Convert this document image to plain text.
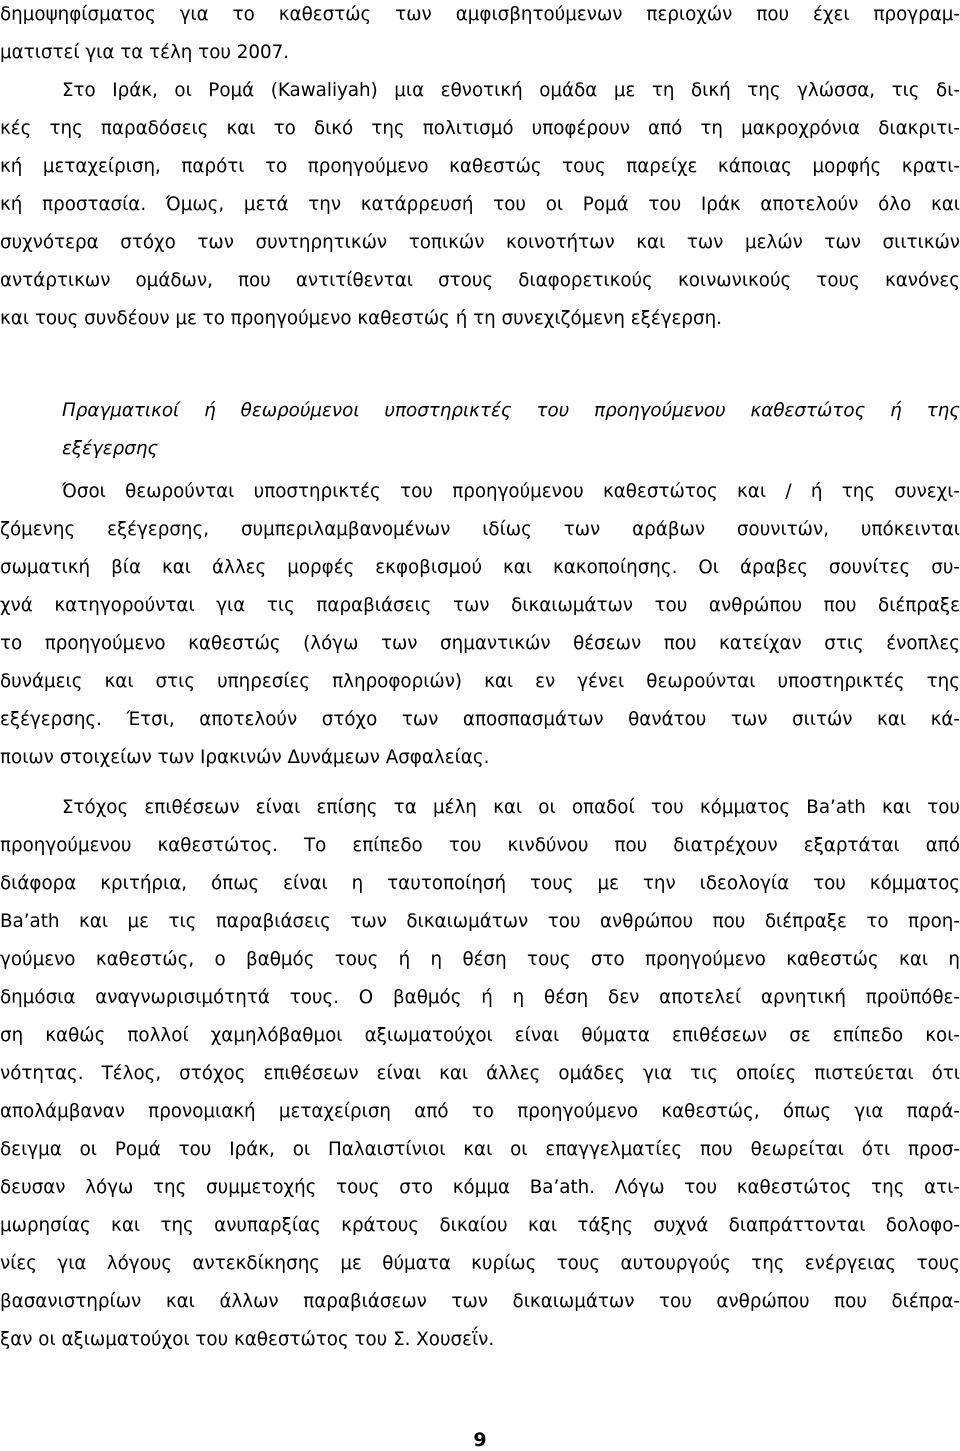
δημοψηφίσματος για το καθεστώς των αμφισβητούμενων περιοχών που έχει προγραμ-
ματιστεί για τα τέλη του 2007.
Στο Ιράκ, οι Ρομά (Kawaliyah) μια εθνοτική ομάδα με τη δική της γλώσσα, τις δι-
κές της παραδόσεις και το δικό της πολιτισμό υποφέρουν από τη μακροχρόνια διακριτι-
κή μεταχείριση, παρότι το προηγούμενο καθεστώς τους παρείχε κάποιας μορφής κρατι-
κή προστασία. Όμως, μετά την κατάρρευσή του οι Ρομά του Ιράκ αποτελούν όλο και
συχνότερα στόχο των συντηρητικών τοπικών κοινοτήτων και των μελών των σιιτικών
αντάρτικων ομάδων, που αντιτίθενται στους διαφορετικούς κοινωνικούς τους κανόνες
και τους συνδέουν με το προηγούμενο καθεστώς ή τη συνεχιζόμενη εξέγερση.
Πραγματικοί ή θεωρούμενοι υποστηρικτές του προηγούμενου καθεστώτος ή της
εξέγερσης
Όσοι θεωρούνται υποστηρικτές του προηγούμενου καθεστώτος και / ή της συνεχι-
ζόμενης εξέγερσης, συμπεριλαμβανομένων ιδίως των αράβων σουνιτών, υπόκεινται
σωματική βία και άλλες μορφές εκφοβισμού και κακοποίησης. Οι άραβες σουνίτες συ-
χνά κατηγορούνται για τις παραβιάσεις των δικαιωμάτων του ανθρώπου που διέπραξε
το προηγούμενο καθεστώς (λόγω των σημαντικών θέσεων που κατείχαν στις ένοπλες
δυνάμεις και στις υπηρεσίες πληροφοριών) και εν γένει θεωρούνται υποστηρικτές της
εξέγερσης. Έτσι, αποτελούν στόχο των αποσπασμάτων θανάτου των σιιτών και κά-
ποιων στοιχείων των Ιρακινών Δυνάμεων Ασφαλείας.
Στόχος επιθέσεων είναι επίσης τα μέλη και οι οπαδοί του κόμματος Ba’ath και του
προηγούμενου καθεστώτος. Το επίπεδο του κινδύνου που διατρέχουν εξαρτάται από
διάφορα κριτήρια, όπως είναι η ταυτοποίησή τους με την ιδεολογία του κόμματος
Ba’ath και με τις παραβιάσεις των δικαιωμάτων του ανθρώπου που διέπραξε το προη-
γούμενο καθεστώς, ο βαθμός τους ή η θέση τους στο προηγούμενο καθεστώς και η
δημόσια αναγνωρισιμότητά τους. Ο βαθμός ή η θέση δεν αποτελεί αρνητική προϋπόθε-
ση καθώς πολλοί χαμηλόβαθμοι αξιωματούχοι είναι θύματα επιθέσεων σε επίπεδο κοι-
νότητας. Τέλος, στόχος επιθέσεων είναι και άλλες ομάδες για τις οποίες πιστεύεται ότι
απολάμβαναν προνομιακή μεταχείριση από το προηγούμενο καθεστώς, όπως για παρά-
δειγμα οι Ρομά του Ιράκ, οι Παλαιστίνιοι και οι επαγγελματίες που θεωρείται ότι προσ-
δευσαν λόγω της συμμετοχής τους στο κόμμα Ba’ath. Λόγω του καθεστώτος της ατι-
μωρησίας και της ανυπαρξίας κράτους δικαίου και τάξης συχνά διαπράττονται δολοφο-
νίες για λόγους αντεκδίκησης με θύματα κυρίως τους αυτουργούς της ενέργειας τους
βασανιστηρίων και άλλων παραβιάσεων των δικαιωμάτων του ανθρώπου που διέπρα-
ξαν οι αξιωματούχοι του καθεστώτος του Σ. Χουσεΐν.
9
